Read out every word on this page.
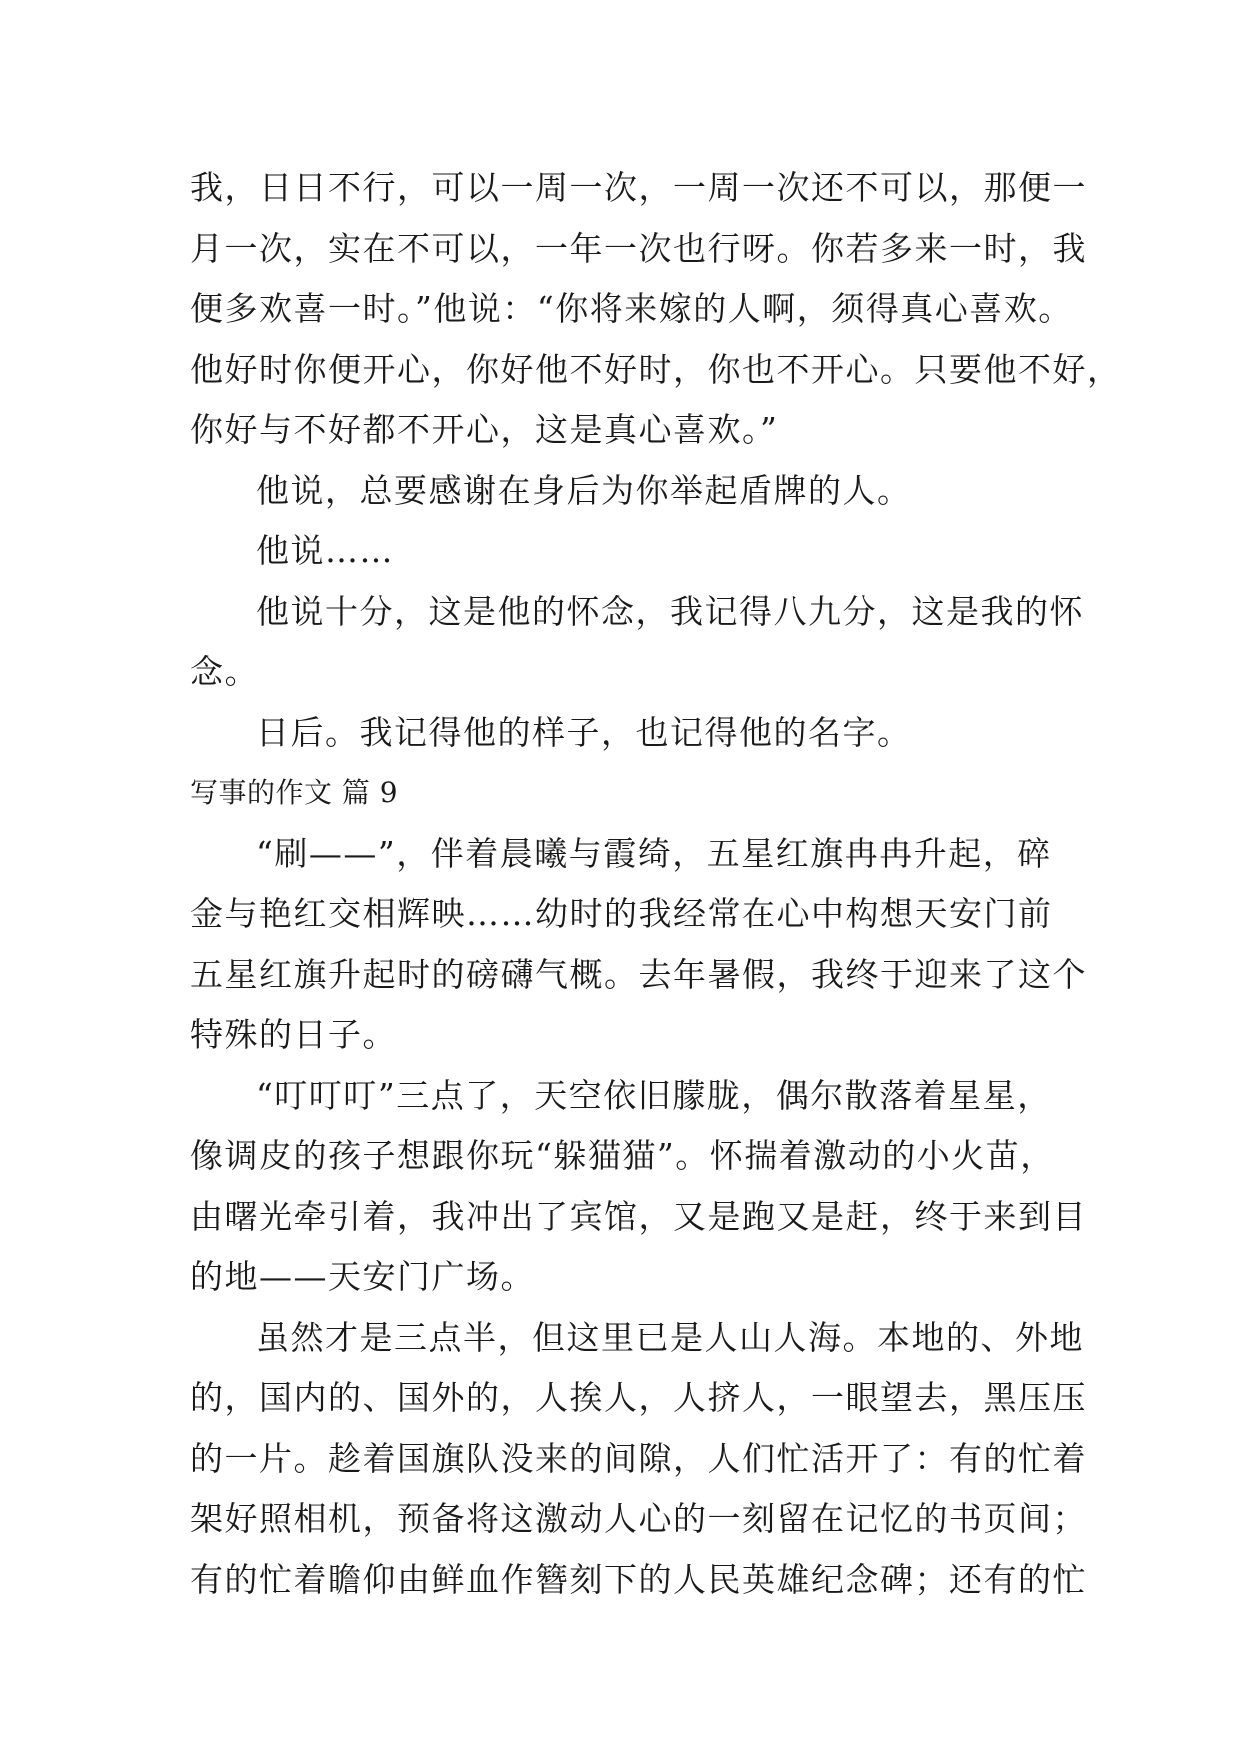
我，日日不行，可以一周一次，一周一次还不可以，那便一
月一次，实在不可以，一年一次也行呀。你若多来一时，我
便多欢喜一时。”他说：“你将来嫁的人啊，须得真心喜欢。
他好时你便开心，你好他不好时，你也不开心。只要他不好，
你好与不好都不开心，这是真心喜欢。”
他说，总要感谢在身后为你举起盾牌的人。
他说……
他说十分，这是他的怀念，我记得八九分，这是我的怀
念。
日后。我记得他的样子，也记得他的名字。
写事的作文 篇 9
“刷——”，伴着晨曦与霞绮，五星红旗冉冉升起，碎
金与艳红交相辉映……幼时的我经常在心中构想天安门前
五星红旗升起时的磅礴气概。去年暑假，我终于迎来了这个
特殊的日子。
“叮叮叮”三点了，天空依旧朦胧，偶尔散落着星星，
像调皮的孩子想跟你玩“躲猫猫”。怀揣着激动的小火苗，
由曙光牵引着，我冲出了宾馆，又是跑又是赶，终于来到目
的地——天安门广场。
虽然才是三点半，但这里已是人山人海。本地的、外地
的，国内的、国外的，人挨人，人挤人，一眼望去，黑压压
的一片。趁着国旗队没来的间隙，人们忙活开了：有的忙着
架好照相机，预备将这激动人心的一刻留在记忆的书页间；
有的忙着瞻仰由鲜血作簪刻下的人民英雄纪念碑；还有的忙
